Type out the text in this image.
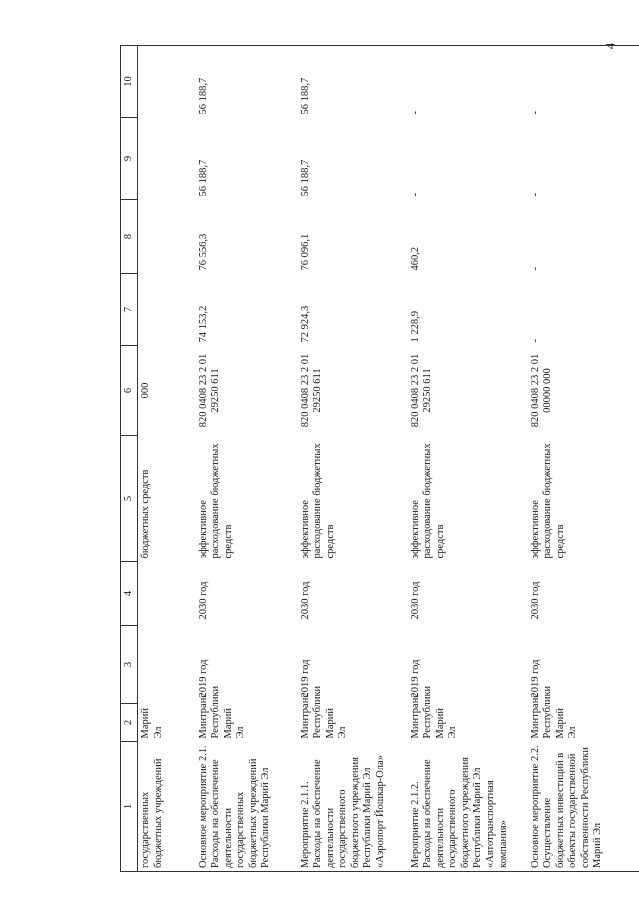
4
1	2	3	4	5	6	7	8	9	10
государственных бюджетных учреждений	Марий Эл			бюджетных средств	000				
Основное мероприятие 2.1. Расходы на обеспечение деятельности государственных бюджетных учреждений Республики Марий Эл	Минтранс Республики Марий Эл	2019 год	2030 год	эффективное расходование бюджетных средств	820 0408 23 2 01 29250 611	74 153,2	76 556,3	56 188,7	56 188,7
Мероприятие 2.1.1. Расходы на обеспечение деятельности государственного бюджетного учреждения Республики Марий Эл «Аэропорт Йошкар-Ола»	Минтранс Республики Марий Эл	2019 год	2030 год	эффективное расходование бюджетных средств	820 0408 23 2 01 29250 611	72 924,3	76 096,1	56 188,7	56 188,7
Мероприятие 2.1.2. Расходы на обеспечение деятельности государственного бюджетного учреждения Республики Марий Эл «Автотранспортная компания»	Минтранс Республики Марий Эл	2019 год	2030 год	эффективное расходование бюджетных средств	820 0408 23 2 01 29250 611	1 228,9	460,2	-	-
Основное мероприятие 2.2. Осуществление бюджетных инвестиций в объекты государственной собственности Республики Марий Эл	Минтранс Республики Марий Эл	2019 год	2030 год	эффективное расходование бюджетных средств	820 0408 23 2 01 00000 000	-	-	-	-
